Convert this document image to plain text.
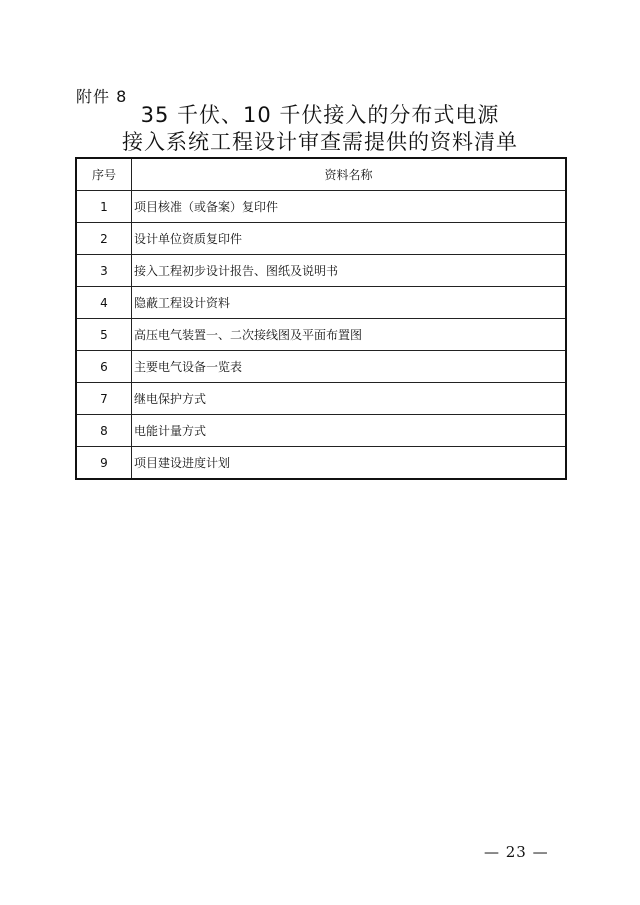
附件 8
35 千伏、10 千伏接入的分布式电源
接入系统工程设计审查需提供的资料清单
序号	资料名称
1	项目核准（或备案）复印件
2	设计单位资质复印件
3	接入工程初步设计报告、图纸及说明书
4	隐蔽工程设计资料
5	高压电气装置一、二次接线图及平面布置图
6	主要电气设备一览表
7	继电保护方式
8	电能计量方式
9	项目建设进度计划
— 23 —
